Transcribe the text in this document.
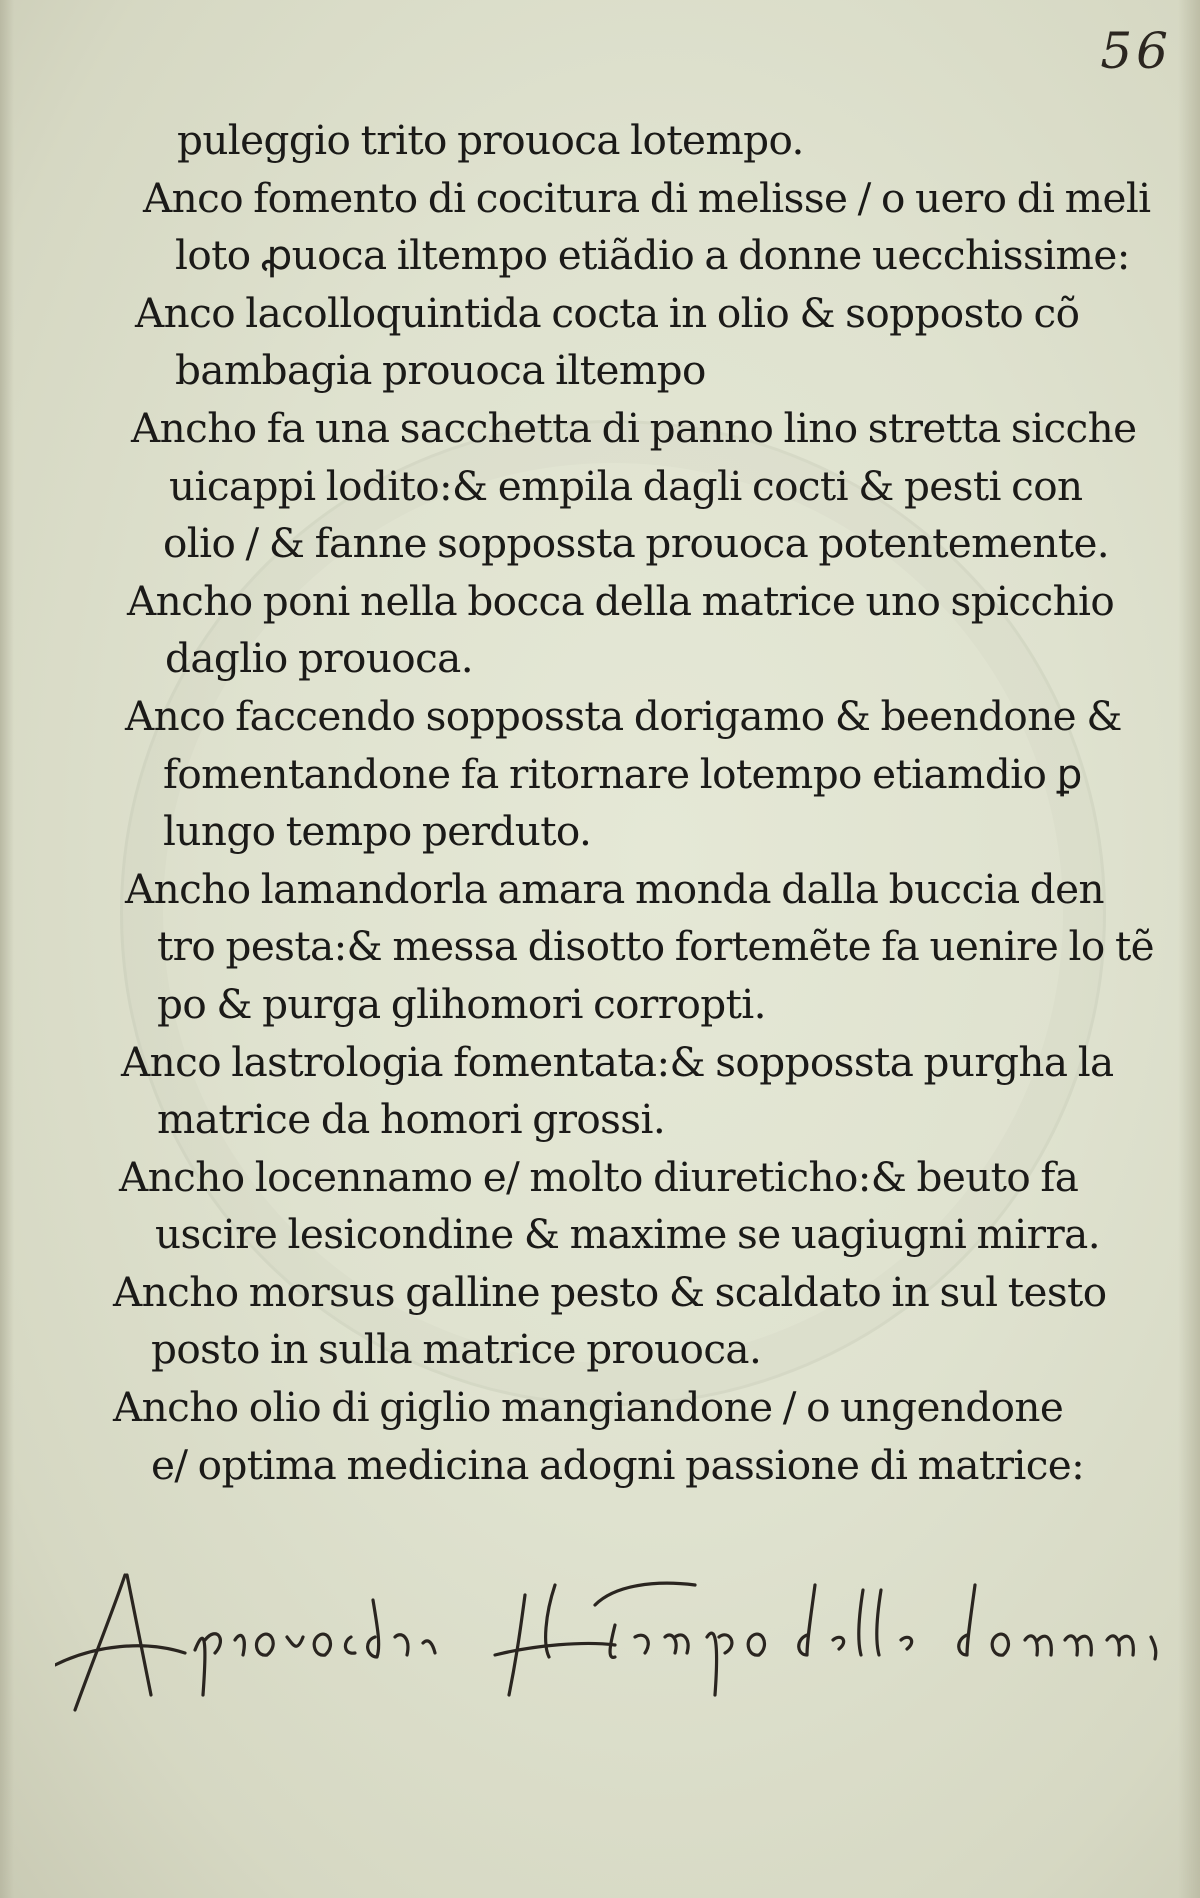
56
puleggio trito prouoca lotempo.
Anco fomento di cocitura di melisse / o uero di meli
loto ꝓuoca iltempo etiãdio a donne uecchissime:
Anco lacolloquintida cocta in olio & sopposto cõ
bambagia prouoca iltempo
Ancho fa una sacchetta di panno lino stretta sicche
uicappi lodito:& empila dagli cocti & pesti con
olio / & fanne soppossta prouoca potentemente.
Ancho poni nella bocca della matrice uno spicchio
daglio prouoca.
Anco faccendo soppossta dorigamo & beendone &
fomentandone fa ritornare lotempo etiamdio ꝑ
lungo tempo perduto.
Ancho lamandorla amara monda dalla buccia den
tro pesta:& messa disotto fortemẽte fa uenire lo tẽ
po & purga glihomori corropti.
Anco lastrologia fomentata:& soppossta purgha la
matrice da homori grossi.
Ancho locennamo e/ molto diureticho:& beuto fa
uscire lesicondine & maxime se uagiugni mirra.
Ancho morsus galline pesto & scaldato in sul testo
posto in sulla matrice prouoca.
Ancho olio di giglio mangiandone / o ungendone
e/ optima medicina adogni passione di matrice:
